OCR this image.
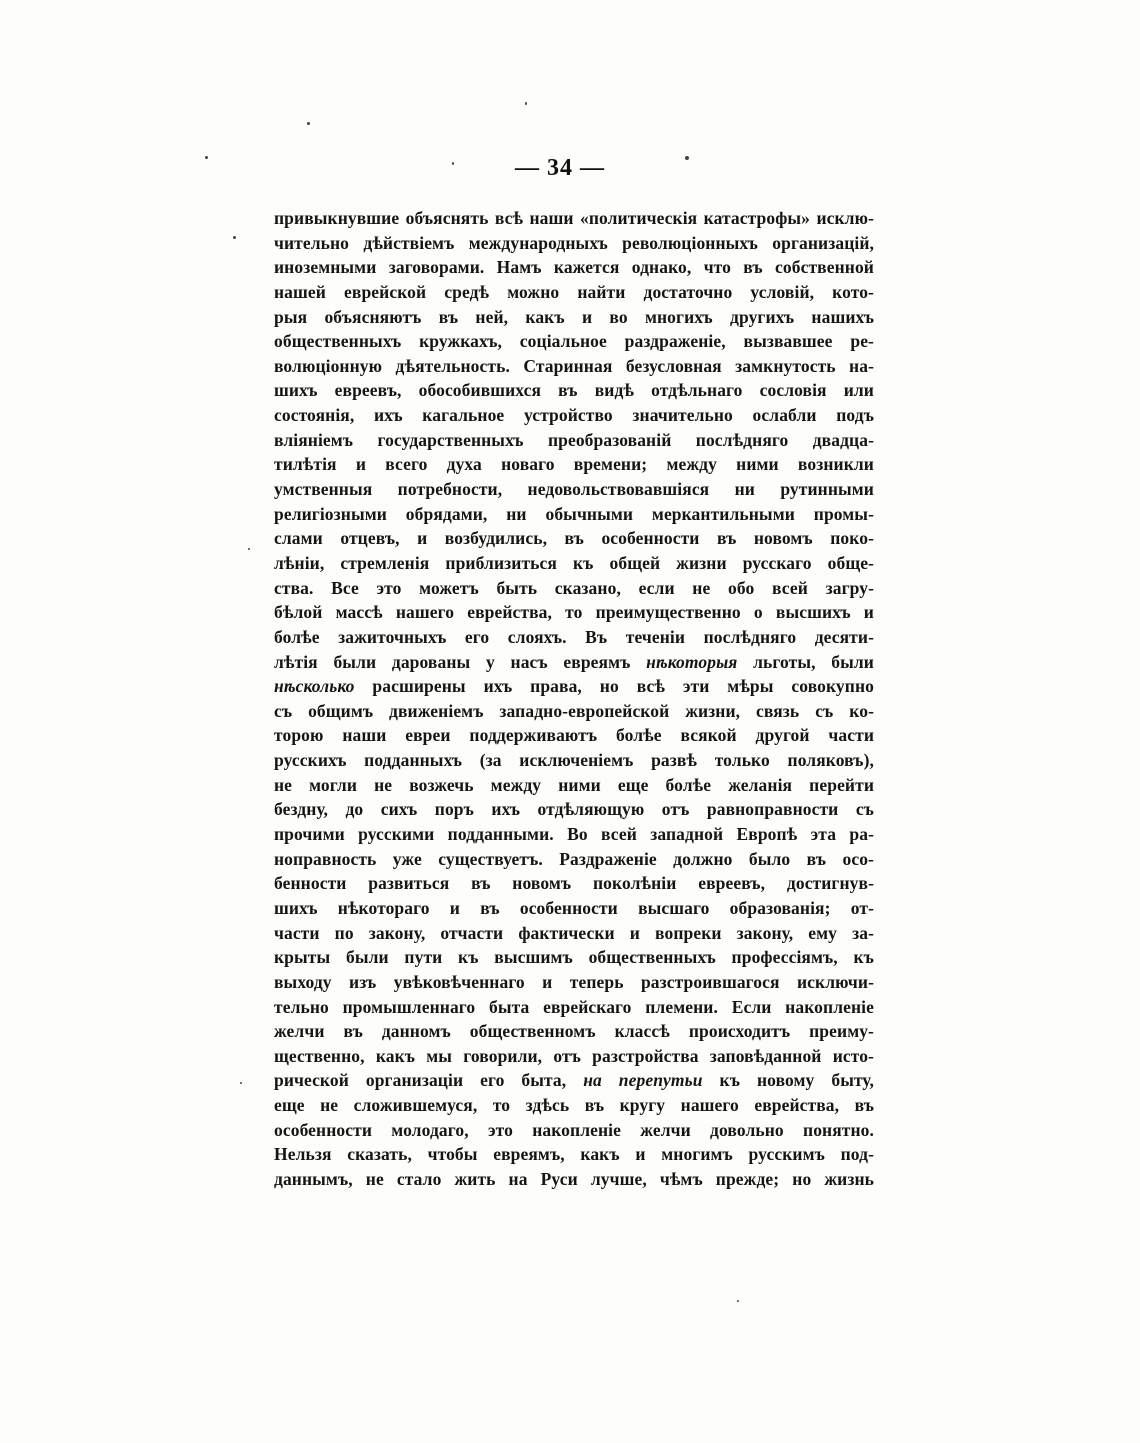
— 34 —
привыкнувшие объяснять всѣ наши «политическія катастрофы» исклю-
чительно дѣйствіемъ международныхъ революціонныхъ организацій,
иноземными заговорами. Намъ кажется однако, что въ собственной
нашей еврейской средѣ можно найти достаточно условій, кото-
рыя объясняютъ въ ней, какъ и во многихъ другихъ нашихъ
общественныхъ кружкахъ, соціальное раздраженіе, вызвавшее ре-
волюціонную дѣятельность. Старинная безусловная замкнутость на-
шихъ евреевъ, обособившихся въ видѣ отдѣльнаго сословія или
состоянія, ихъ кагальное устройство значительно ослабли подъ
вліяніемъ государственныхъ преобразованій послѣдняго двадца-
тилѣтія и всего духа новаго времени; между ними возникли
умственныя потребности, недовольствовавшіяся ни рутинными
религіозными обрядами, ни обычными меркантильными промы-
слами отцевъ, и возбудились, въ особенности въ новомъ поко-
лѣніи, стремленія приблизиться къ общей жизни русскаго обще-
ства. Все это можетъ быть сказано, если не обо всей загру-
бѣлой массѣ нашего еврейства, то преимущественно о высшихъ и
болѣе зажиточныхъ его слояхъ. Въ теченіи послѣдняго десяти-
лѣтія были дарованы у насъ евреямъ нѣкоторыя льготы, были
нѣсколько расширены ихъ права, но всѣ эти мѣры совокупно
съ общимъ движеніемъ западно-европейской жизни, связь съ ко-
торою наши евреи поддерживаютъ болѣе всякой другой части
русскихъ подданныхъ (за исключеніемъ развѣ только поляковъ),
не могли не возжечь между ними еще болѣе желанія перейти
бездну, до сихъ поръ ихъ отдѣляющую отъ равноправности съ
прочими русскими подданными. Во всей западной Европѣ эта ра-
ноправность уже существуетъ. Раздраженіе должно было въ осо-
бенности развиться въ новомъ поколѣніи евреевъ, достигнув-
шихъ нѣкотораго и въ особенности высшаго образованія; от-
части по закону, отчасти фактически и вопреки закону, ему за-
крыты были пути къ высшимъ общественныхъ профессіямъ, къ
выходу изъ увѣковѣченнаго и теперь разстроившагося исключи-
тельно промышленнаго быта еврейскаго племени. Если накопленіе
желчи въ данномъ общественномъ классѣ происходитъ преиму-
щественно, какъ мы говорили, отъ разстройства заповѣданной исто-
рической организаціи его быта, на перепутьи къ новому быту,
еще не сложившемуся, то здѣсь въ кругу нашего еврейства, въ
особенности молодаго, это накопленіе желчи довольно понятно.
Нельзя сказать, чтобы евреямъ, какъ и многимъ русскимъ под-
даннымъ, не стало жить на Руси лучше, чѣмъ прежде; но жизнь
